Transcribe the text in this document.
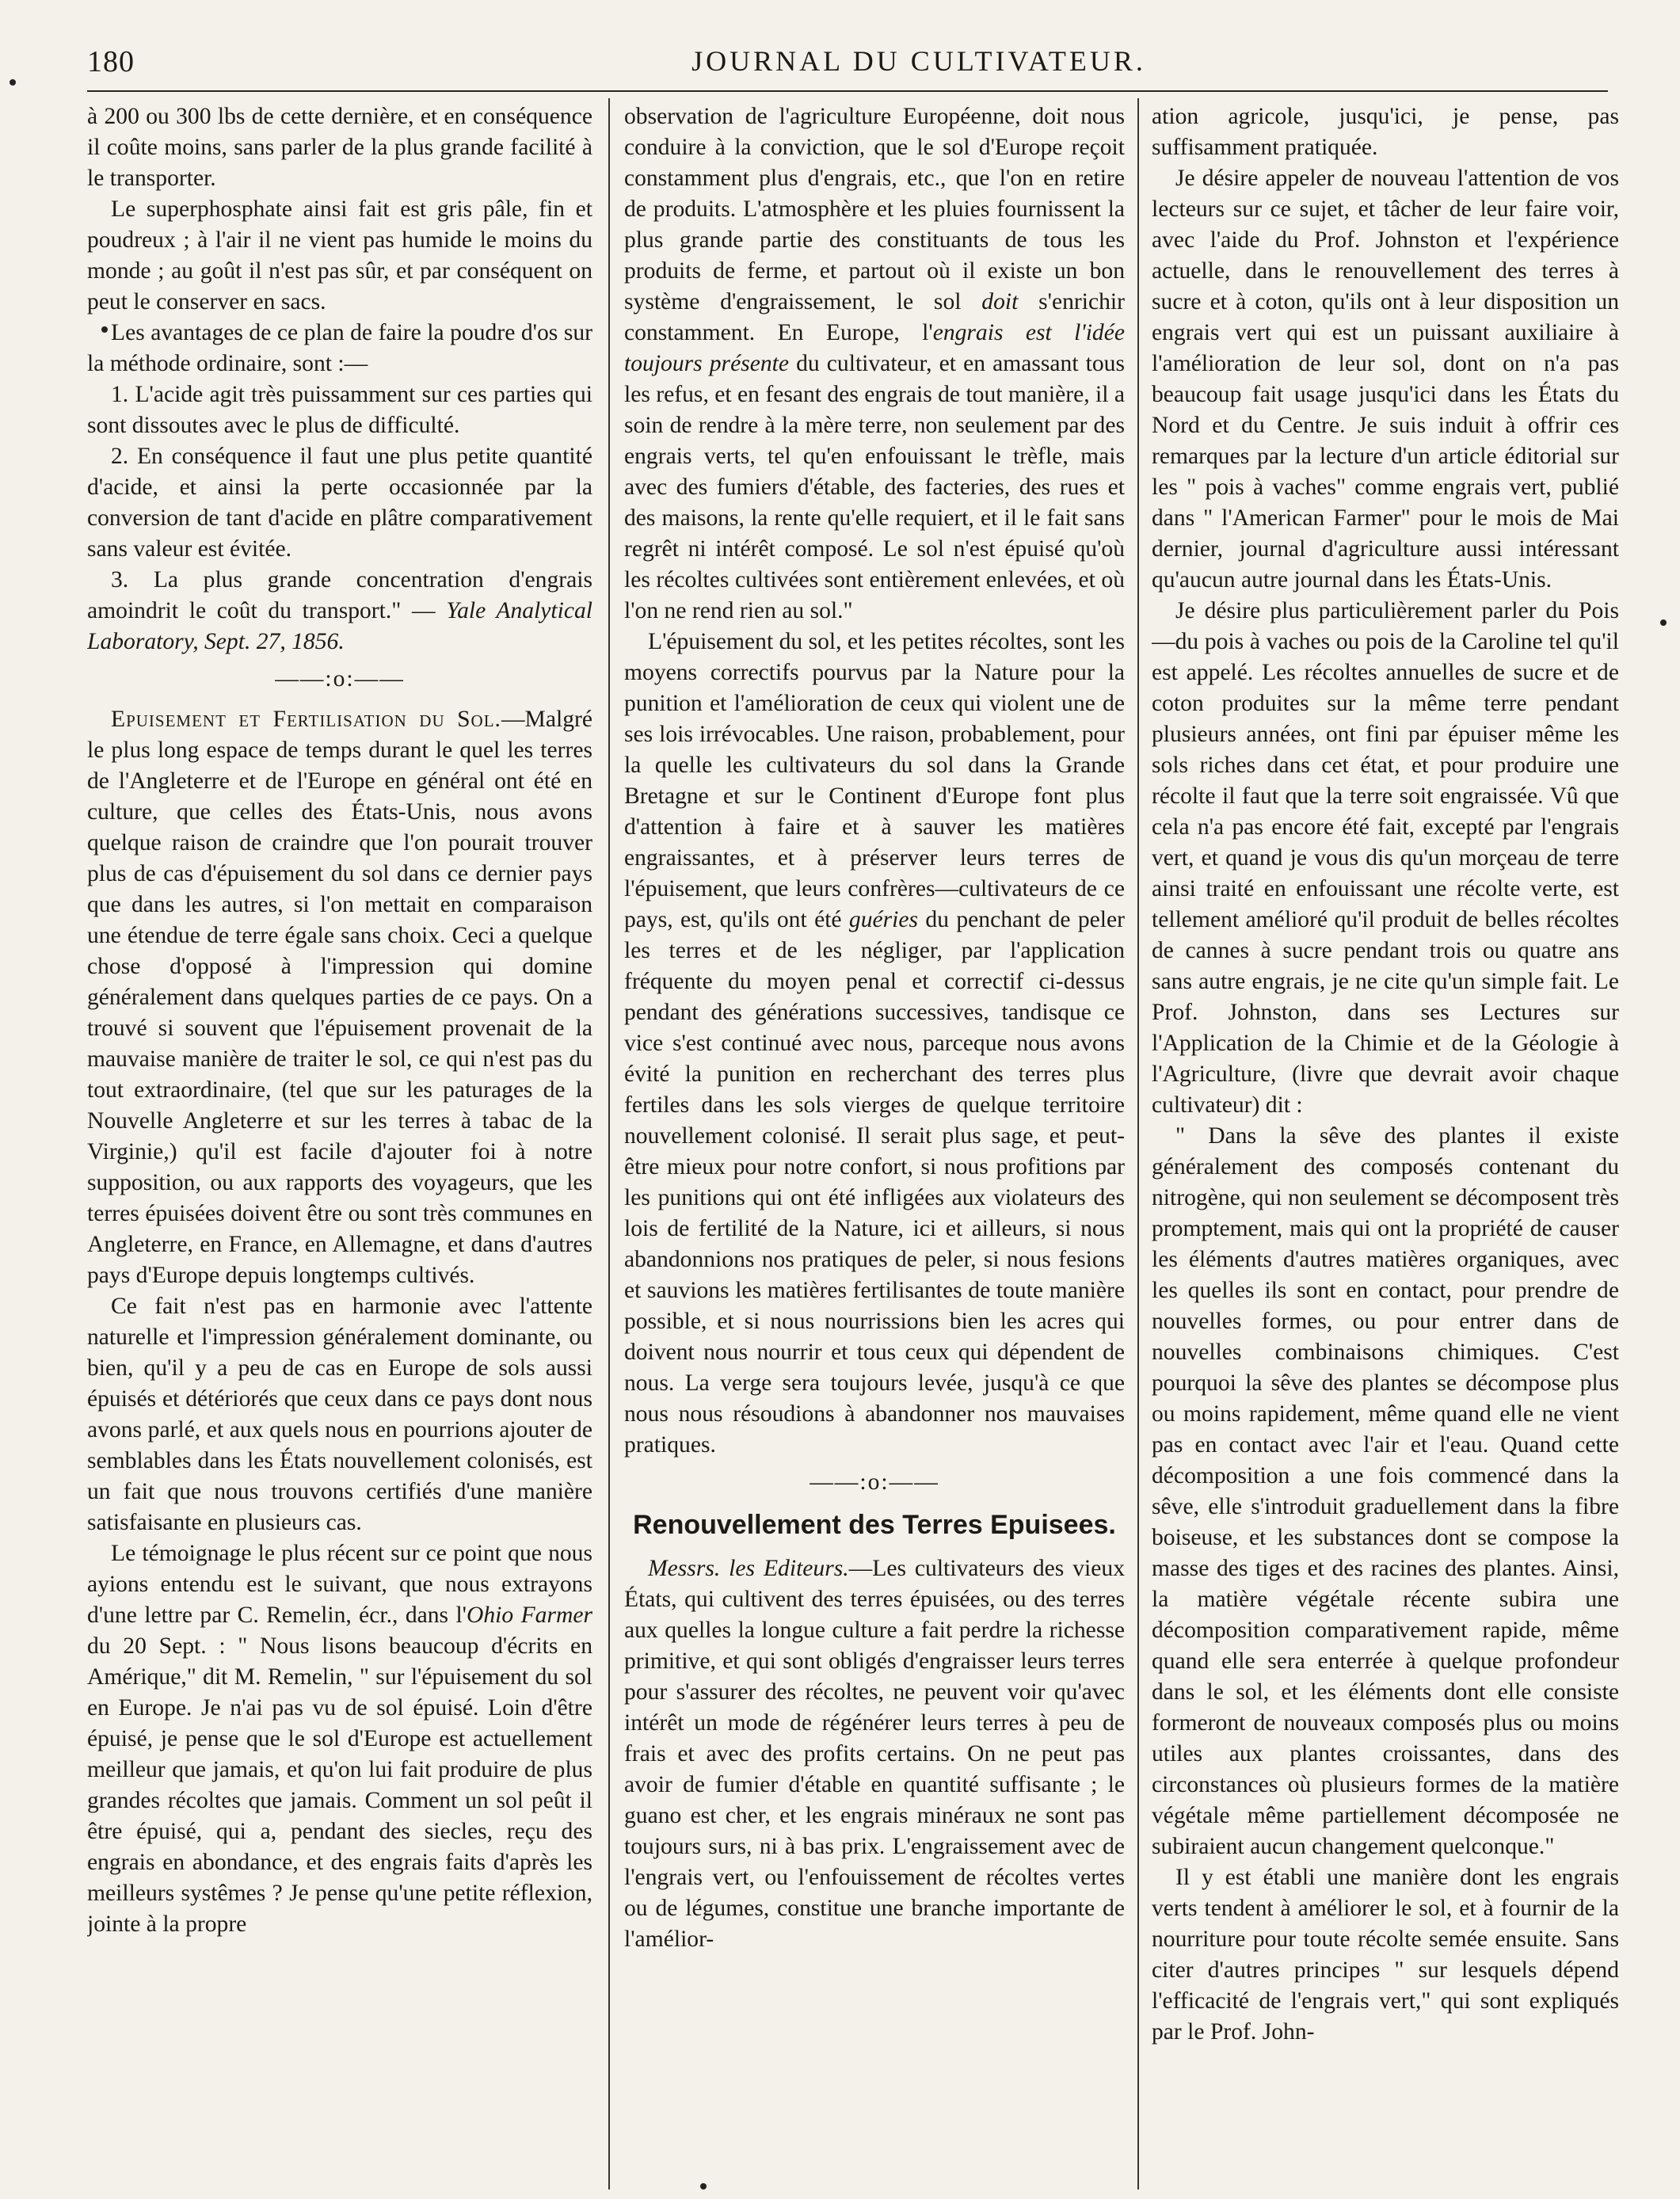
180	JOURNAL DU CULTIVATEUR.

à 200 ou 300 lbs de cette dernière, et en conséquence il coûte moins, sans parler de la plus grande facilité à le transporter.

Le superphosphate ainsi fait est gris pâle, fin et poudreux ; à l'air il ne vient pas humide le moins du monde ; au goût il n'est pas sûr, et par conséquent on peut le conserver en sacs.

Les avantages de ce plan de faire la poudre d'os sur la méthode ordinaire, sont :—

1. L'acide agit très puissamment sur ces parties qui sont dissoutes avec le plus de difficulté.

2. En conséquence il faut une plus petite quantité d'acide, et ainsi la perte occasionnée par la conversion de tant d'acide en plâtre comparativement sans valeur est évitée.

3. La plus grande concentration d'engrais amoindrit le coût du transport." — Yale Analytical Laboratory, Sept. 27, 1856.

——:o:——

Epuisement et Fertilisation du Sol.—Malgré le plus long espace de temps durant le quel les terres de l'Angleterre et de l'Europe en général ont été en culture, que celles des États-Unis, nous avons quelque raison de craindre que l'on pourait trouver plus de cas d'épuisement du sol dans ce dernier pays que dans les autres, si l'on mettait en comparaison une étendue de terre égale sans choix. Ceci a quelque chose d'opposé à l'impression qui domine généralement dans quelques parties de ce pays. On a trouvé si souvent que l'épuisement provenait de la mauvaise manière de traiter le sol, ce qui n'est pas du tout extraordinaire, (tel que sur les paturages de la Nouvelle Angleterre et sur les terres à tabac de la Virginie,) qu'il est facile d'ajouter foi à notre supposition, ou aux rapports des voyageurs, que les terres épuisées doivent être ou sont très communes en Angleterre, en France, en Allemagne, et dans d'autres pays d'Europe depuis longtemps cultivés.

Ce fait n'est pas en harmonie avec l'attente naturelle et l'impression généralement dominante, ou bien, qu'il y a peu de cas en Europe de sols aussi épuisés et détériorés que ceux dans ce pays dont nous avons parlé, et aux quels nous en pourrions ajouter de semblables dans les États nouvellement colonisés, est un fait que nous trouvons certifiés d'une manière satisfaisante en plusieurs cas.

Le témoignage le plus récent sur ce point que nous ayions entendu est le suivant, que nous extrayons d'une lettre par C. Remelin, écr., dans l'Ohio Farmer du 20 Sept. : " Nous lisons beaucoup d'écrits en Amérique," dit M. Remelin, " sur l'épuisement du sol en Europe. Je n'ai pas vu de sol épuisé. Loin d'être épuisé, je pense que le sol d'Europe est actuellement meilleur que jamais, et qu'on lui fait produire de plus grandes récoltes que jamais. Comment un sol peût il être épuisé, qui a, pendant des siecles, reçu des engrais en abondance, et des engrais faits d'après les meilleurs systêmes ? Je pense qu'une petite réflexion, jointe à la propre

observation de l'agriculture Européenne, doit nous conduire à la conviction, que le sol d'Europe reçoit constamment plus d'engrais, etc., que l'on en retire de produits. L'atmosphère et les pluies fournissent la plus grande partie des constituants de tous les produits de ferme, et partout où il existe un bon système d'engraissement, le sol doit s'enrichir constamment. En Europe, l'engrais est l'idée toujours présente du cultivateur, et en amassant tous les refus, et en fesant des engrais de tout manière, il a soin de rendre à la mère terre, non seulement par des engrais verts, tel qu'en enfouissant le trèfle, mais avec des fumiers d'étable, des facteries, des rues et des maisons, la rente qu'elle requiert, et il le fait sans regrêt ni intérêt composé. Le sol n'est épuisé qu'où les récoltes cultivées sont entièrement enlevées, et où l'on ne rend rien au sol."

L'épuisement du sol, et les petites récoltes, sont les moyens correctifs pourvus par la Nature pour la punition et l'amélioration de ceux qui violent une de ses lois irrévocables. Une raison, probablement, pour la quelle les cultivateurs du sol dans la Grande Bretagne et sur le Continent d'Europe font plus d'attention à faire et à sauver les matières engraissantes, et à préserver leurs terres de l'épuisement, que leurs confrères—cultivateurs de ce pays, est, qu'ils ont été guéries du penchant de peler les terres et de les négliger, par l'application fréquente du moyen penal et correctif ci-dessus pendant des générations successives, tandisque ce vice s'est continué avec nous, parceque nous avons évité la punition en recherchant des terres plus fertiles dans les sols vierges de quelque territoire nouvellement colonisé. Il serait plus sage, et peut-être mieux pour notre confort, si nous profitions par les punitions qui ont été infligées aux violateurs des lois de fertilité de la Nature, ici et ailleurs, si nous abandonnions nos pratiques de peler, si nous fesions et sauvions les matières fertilisantes de toute manière possible, et si nous nourrissions bien les acres qui doivent nous nourrir et tous ceux qui dépendent de nous. La verge sera toujours levée, jusqu'à ce que nous nous résoudions à abandonner nos mauvaises pratiques.

——:o:——

Renouvellement des Terres Epuisees.

Messrs. les Editeurs.—Les cultivateurs des vieux États, qui cultivent des terres épuisées, ou des terres aux quelles la longue culture a fait perdre la richesse primitive, et qui sont obligés d'engraisser leurs terres pour s'assurer des récoltes, ne peuvent voir qu'avec intérêt un mode de régénérer leurs terres à peu de frais et avec des profits certains. On ne peut pas avoir de fumier d'étable en quantité suffisante ; le guano est cher, et les engrais minéraux ne sont pas toujours surs, ni à bas prix. L'engraissement avec de l'engrais vert, ou l'enfouissement de récoltes vertes ou de légumes, constitue une branche importante de l'amélior-

ation agricole, jusqu'ici, je pense, pas suffisamment pratiquée.

Je désire appeler de nouveau l'attention de vos lecteurs sur ce sujet, et tâcher de leur faire voir, avec l'aide du Prof. Johnston et l'expérience actuelle, dans le renouvellement des terres à sucre et à coton, qu'ils ont à leur disposition un engrais vert qui est un puissant auxiliaire à l'amélioration de leur sol, dont on n'a pas beaucoup fait usage jusqu'ici dans les États du Nord et du Centre. Je suis induit à offrir ces remarques par la lecture d'un article éditorial sur les " pois à vaches" comme engrais vert, publié dans " l'American Farmer" pour le mois de Mai dernier, journal d'agriculture aussi intéressant qu'aucun autre journal dans les États-Unis.

Je désire plus particulièrement parler du Pois—du pois à vaches ou pois de la Caroline tel qu'il est appelé. Les récoltes annuelles de sucre et de coton produites sur la même terre pendant plusieurs années, ont fini par épuiser même les sols riches dans cet état, et pour produire une récolte il faut que la terre soit engraissée. Vû que cela n'a pas encore été fait, excepté par l'engrais vert, et quand je vous dis qu'un morçeau de terre ainsi traité en enfouissant une récolte verte, est tellement amélioré qu'il produit de belles récoltes de cannes à sucre pendant trois ou quatre ans sans autre engrais, je ne cite qu'un simple fait. Le Prof. Johnston, dans ses Lectures sur l'Application de la Chimie et de la Géologie à l'Agriculture, (livre que devrait avoir chaque cultivateur) dit :

" Dans la sêve des plantes il existe généralement des composés contenant du nitrogène, qui non seulement se décomposent très promptement, mais qui ont la propriété de causer les éléments d'autres matières organiques, avec les quelles ils sont en contact, pour prendre de nouvelles formes, ou pour entrer dans de nouvelles combinaisons chimiques. C'est pourquoi la sêve des plantes se décompose plus ou moins rapidement, même quand elle ne vient pas en contact avec l'air et l'eau. Quand cette décomposition a une fois commencé dans la sêve, elle s'introduit graduellement dans la fibre boiseuse, et les substances dont se compose la masse des tiges et des racines des plantes. Ainsi, la matière végétale récente subira une décomposition comparativement rapide, même quand elle sera enterrée à quelque profondeur dans le sol, et les éléments dont elle consiste formeront de nouveaux composés plus ou moins utiles aux plantes croissantes, dans des circonstances où plusieurs formes de la matière végétale même partiellement décomposée ne subiraient aucun changement quelconque."

Il y est établi une manière dont les engrais verts tendent à améliorer le sol, et à fournir de la nourriture pour toute récolte semée ensuite. Sans citer d'autres principes " sur lesquels dépend l'efficacité de l'engrais vert," qui sont expliqués par le Prof. John-
